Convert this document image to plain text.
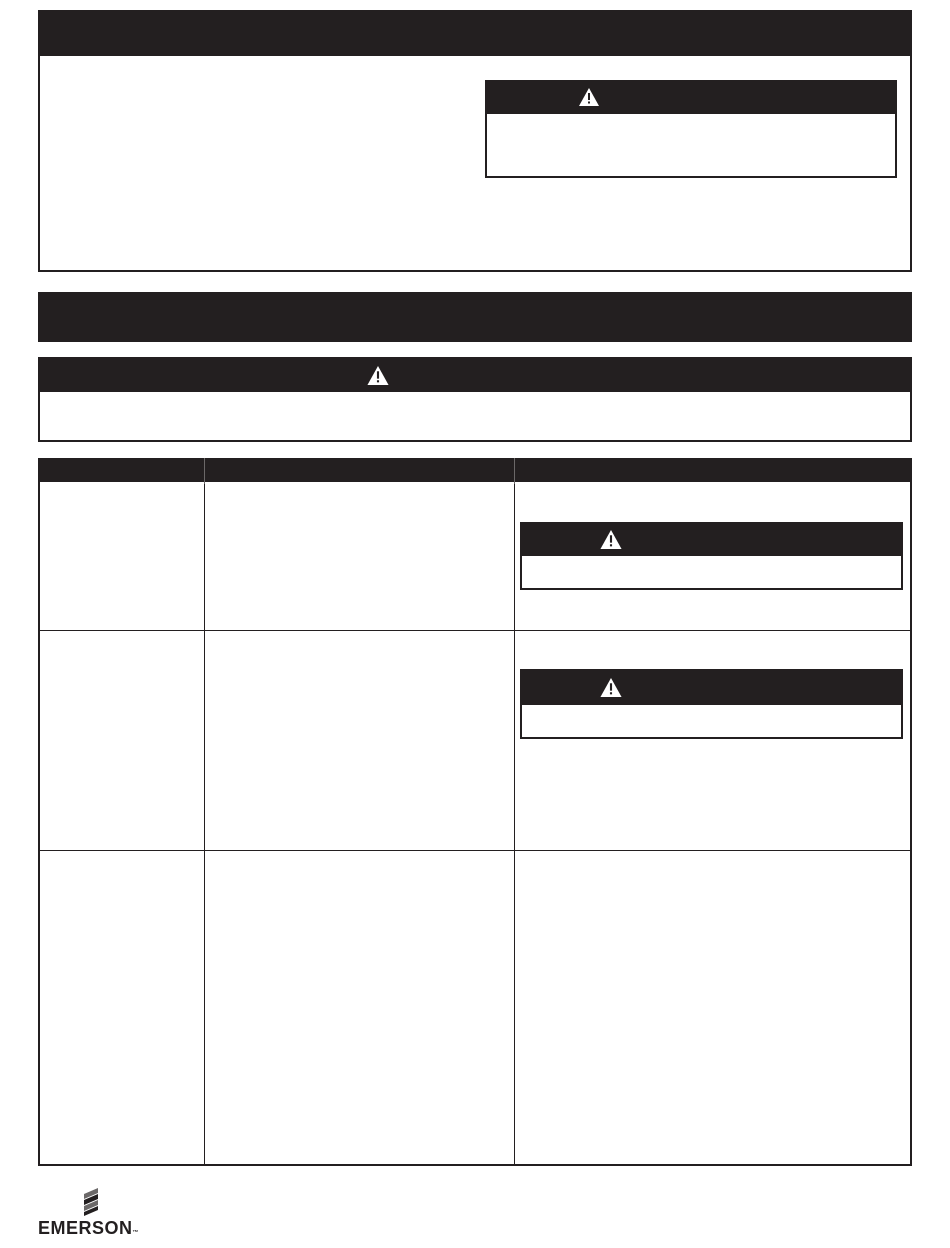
EMERSON™
